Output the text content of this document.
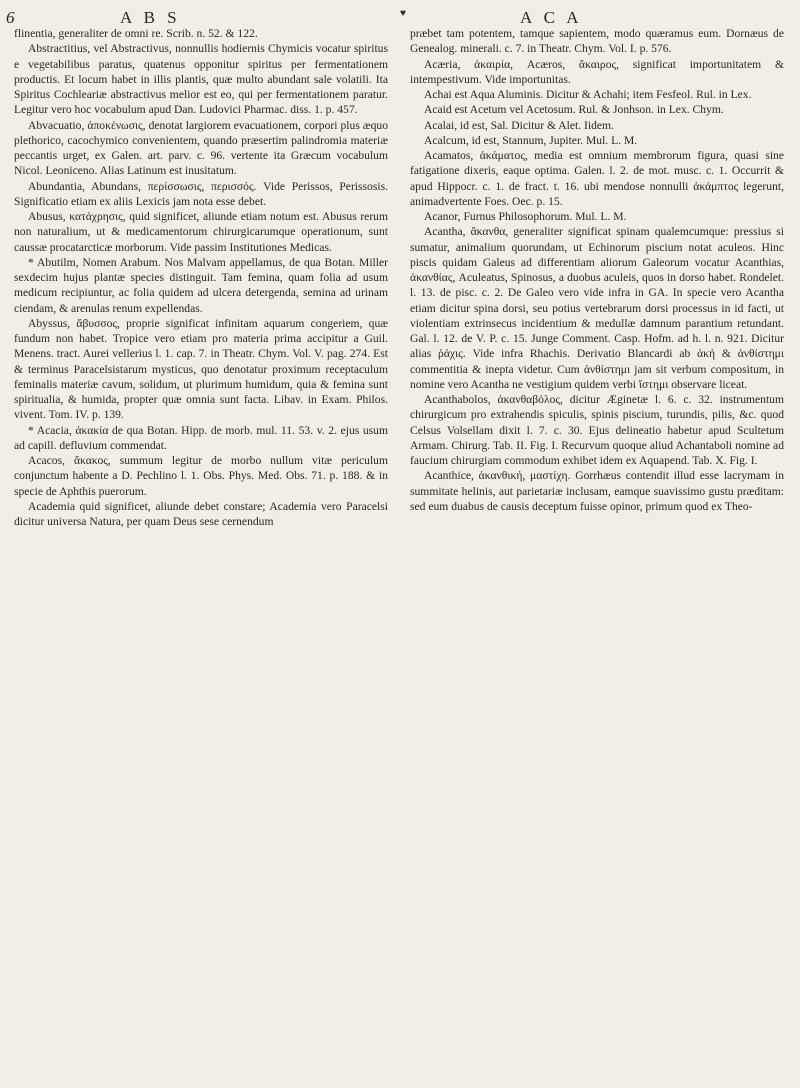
6	A B S	♥	A C A

flinentia, generaliter de omni re. Scrib. n. 52. & 122.

Abstractitius, vel Abstractivus, nonnullis hodiernis Chymicis vocatur spiritus e vegetabilibus paratus, quatenus opponitur spiritus per fermentationem productis. Et locum habet in illis plantis, quæ multo abundant sale volatili. Ita Spiritus Cochleariæ abstractivus melior est eo, qui per fermentationem paratur. Legitur vero hoc vocabulum apud Dan. Ludovici Pharmac. diss. 1. p. 457.

Abvacuatio, ἀποκένωσις, denotat largiorem evacuationem, corpori plus æquo plethorico, cacochymico convenientem, quando præsertim palindromia materiæ peccantis urget, ex Galen. art. parv. c. 96. vertente ita Græcum vocabulum Nicol. Leoniceno. Alias Latinum est inusitatum.

Abundantia, Abundans, περίσσωσις, περισσός. Vide Perissos, Perissosis. Significatio etiam ex aliis Lexicis jam nota esse debet.

Abusus, κατάχρησις, quid significet, aliunde etiam notum est. Abusus rerum non naturalium, ut & medicamentorum chirurgicarumque operationum, sunt caussæ procatarcticæ morborum. Vide passim Institutiones Medicas.

* Abutilm, Nomen Arabum. Nos Malvam appellamus, de qua Botan. Miller sexdecim hujus plantæ species distinguit. Tam femina, quam folia ad usum medicum recipiuntur, ac folia quidem ad ulcera detergenda, semina ad urinam ciendam, & arenulas renum expellendas.

Abyssus, ἄβυσσος, proprie significat infinitam aquarum congeriem, quæ fundum non habet. Tropice vero etiam pro materia prima accipitur a Guil. Menens. tract. Aurei vellerius l. 1. cap. 7. in Theatr. Chym. Vol. V. pag. 274. Est & terminus Paracelsistarum mysticus, quo denotatur proximum receptaculum feminalis materiæ cavum, solidum, ut plurimum humidum, quia & femina sunt spiritualia, & humida, propter quæ omnia sunt facta. Libav. in Exam. Philos. vivent. Tom. IV. p. 139.

* Acacia, ἀκακία de qua Botan. Hipp. de morb. mul. 11. 53. v. 2. ejus usum ad capill. defluvium commendat.

Acacos, ἄκακος, summum legitur de morbo nullum vitæ periculum conjunctum habente a D. Pechlino l. 1. Obs. Phys. Med. Obs. 71. p. 188. & in specie de Aphthis puerorum.

Academia quid significet, aliunde debet constare; Academia vero Paracelsi dicitur universa Natura, per quam Deus sese cernendum

præbet tam potentem, tamque sapientem, modo quæramus eum. Dornæus de Genealog. minerali. c. 7. in Theatr. Chym. Vol. I. p. 576.

Acæria, ἀκαιρία, Acæros, ἄκαιρος, significat importunitatem & intempestivum. Vide importunitas.

Achai est Aqua Aluminis. Dicitur & Achahi; item Fesfeol. Rul. in Lex.

Acaid est Acetum vel Acetosum. Rul. & Jonhson. in Lex. Chym.

Acalai, id est, Sal. Dicitur & Alet. Iidem.

Acalcum, id est, Stannum, Jupiter. Mul. L. M.

Acamatos, ἀκάματος, media est omnium membrorum figura, quasi sine fatigatione dixeris, eaque optima. Galen. l. 2. de mot. musc. c. 1. Occurrit & apud Hippocr. c. 1. de fract. t. 16. ubi mendose nonnulli ἀκάμπτος legerunt, animadvertente Foes. Oec. p. 15.

Acanor, Furnus Philosophorum. Mul. L. M.

Acantha, ἄκανθα, generaliter significat spinam qualemcumque: pressius si sumatur, animalium quorundam, ut Echinorum piscium notat aculeos. Hinc piscis quidam Galeus ad differentiam aliorum Galeorum vocatur Acanthias, ἀκανθίας, Aculeatus, Spinosus, a duobus aculeis, quos in dorso habet. Rondelet. l. 13. de pisc. c. 2. De Galeo vero vide infra in GA. In specie vero Acantha etiam dicitur spina dorsi, seu potius vertebrarum dorsi processus in id facti, ut violentiam extrinsecus incidentium & medullæ damnum parantium retundant. Gal. l. 12. de V. P. c. 15. Junge Comment. Casp. Hofm. ad h. l. n. 921. Dicitur alias ῥάχις. Vide infra Rhachis. Derivatio Blancardi ab ἀκή & ἀνθίστημι commentitia & inepta videtur. Cum ἀνθίστημι jam sit verbum compositum, in nomine vero Acantha ne vestigium quidem verbi ἵστημι observare liceat.

Acanthabolos, ἀκανθαβόλος, dicitur Æginetæ l. 6. c. 32. instrumentum chirurgicum pro extrahendis spiculis, spinis piscium, turundis, pilis, &c. quod Celsus Volsellam dixit l. 7. c. 30. Ejus delineatio habetur apud Scultetum Armam. Chirurg. Tab. II. Fig. I. Recurvum quoque aliud Achantaboli nomine ad faucium chirurgiam commodum exhibet idem ex Aquapend. Tab. X. Fig. I.

Acanthice, ἀκανθική, μαστίχη. Gorrhæus contendit illud esse lacrymam in summitate helinis, aut parietariæ inclusam, eamque suavissimo gustu præditam: sed eum duabus de causis deceptum fuisse opinor, primum quod ex Theo-
